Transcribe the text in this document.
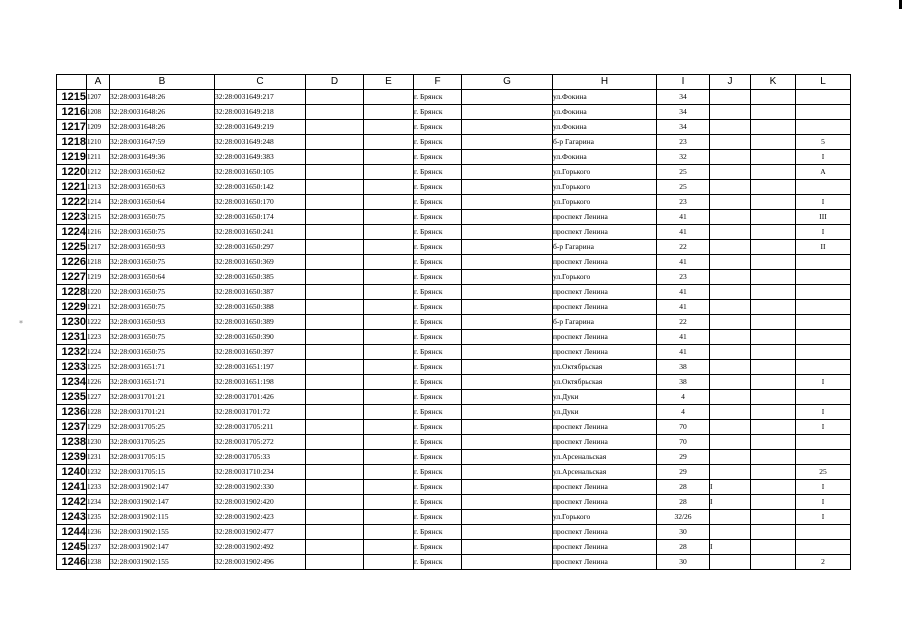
*
	A	B	C	D	E	F	G	H	I	J	K	L
1215	1207	32:28:0031648:26	32:28:0031649:217			г. Брянск		ул.Фокина	34			
1216	1208	32:28:0031648:26	32:28:0031649:218			г. Брянск		ул.Фокина	34			
1217	1209	32:28:0031648:26	32:28:0031649:219			г. Брянск		ул.Фокина	34			
1218	1210	32:28:0031647:59	32:28:0031649:248			г. Брянск		б-р Гагарина	23			5
1219	1211	32:28:0031649:36	32:28:0031649:383			г. Брянск		ул.Фокина	32			I
1220	1212	32:28:0031650:62	32:28:0031650:105			г. Брянск		ул.Горького	25			А
1221	1213	32:28:0031650:63	32:28:0031650:142			г. Брянск		ул.Горького	25			
1222	1214	32:28:0031650:64	32:28:0031650:170			г. Брянск		ул.Горького	23			I
1223	1215	32:28:0031650:75	32:28:0031650:174			г. Брянск		проспект Ленина	41			III
1224	1216	32:28:0031650:75	32:28:0031650:241			г. Брянск		проспект Ленина	41			I
1225	1217	32:28:0031650:93	32:28:0031650:297			г. Брянск		б-р Гагарина	22			II
1226	1218	32:28:0031650:75	32:28:0031650:369			г. Брянск		проспект Ленина	41			
1227	1219	32:28:0031650:64	32:28:0031650:385			г. Брянск		ул.Горького	23			
1228	1220	32:28:0031650:75	32:28:0031650:387			г. Брянск		проспект Ленина	41			
1229	1221	32:28:0031650:75	32:28:0031650:388			г. Брянск		проспект Ленина	41			
1230	1222	32:28:0031650:93	32:28:0031650:389			г. Брянск		б-р Гагарина	22			
1231	1223	32:28:0031650:75	32:28:0031650:390			г. Брянск		проспект Ленина	41			
1232	1224	32:28:0031650:75	32:28:0031650:397			г. Брянск		проспект Ленина	41			
1233	1225	32:28:0031651:71	32:28:0031651:197			г. Брянск		ул.Октябрьская	38			
1234	1226	32:28:0031651:71	32:28:0031651:198			г. Брянск		ул.Октябрьская	38			I
1235	1227	32:28:0031701:21	32:28:0031701:426			г. Брянск		ул.Дуки	4			
1236	1228	32:28:0031701:21	32:28:0031701:72			г. Брянск		ул.Дуки	4			I
1237	1229	32:28:0031705:25	32:28:0031705:211			г. Брянск		проспект Ленина	70			I
1238	1230	32:28:0031705:25	32:28:0031705:272			г. Брянск		проспект Ленина	70			
1239	1231	32:28:0031705:15	32:28:0031705:33			г. Брянск		ул.Арсенальская	29			
1240	1232	32:28:0031705:15	32:28:0031710:234			г. Брянск		ул.Арсенальская	29			25
1241	1233	32:28:0031902:147	32:28:0031902:330			г. Брянск		проспект Ленина	28	I		I
1242	1234	32:28:0031902:147	32:28:0031902:420			г. Брянск		проспект Ленина	28	I		I
1243	1235	32:28:0031902:115	32:28:0031902:423			г. Брянск		ул.Горького	32/26			I
1244	1236	32:28:0031902:155	32:28:0031902:477			г. Брянск		проспект Ленина	30			
1245	1237	32:28:0031902:147	32:28:0031902:492			г. Брянск		проспект Ленина	28	I		
1246	1238	32:28:0031902:155	32:28:0031902:496			г. Брянск		проспект Ленина	30			2
